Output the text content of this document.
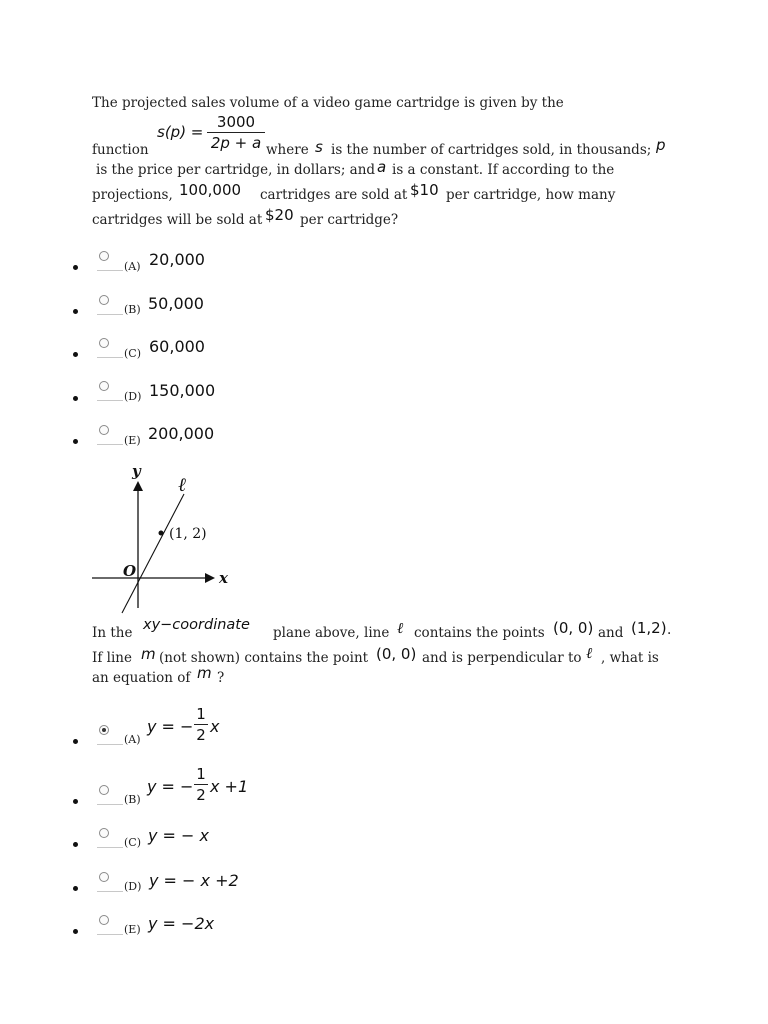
The projected sales volume of a video game cartridge is given by the
s(p) =
3000
2p + a
function	where s is the number of cartridges sold, in thousands; p
is the price per cartridge, in dollars; and a is a constant. If according to the
projections, 100,000 cartridges are sold at $10 per cartridge, how many
cartridges will be sold at $20 per cartridge?
(A) 20,000
(B) 50,000
(C) 60,000
(D) 150,000
(E) 200,000
y
x
O
ℓ
(1, 2)
In the xy−coordinate plane above, line ℓ contains the points (0, 0) and (1,2) .
If line m (not shown) contains the point (0, 0) and is perpendicular to ℓ , what is
an equation of m ?
(A)
y = −
1
2 x
(B)
y = −
1
2 x +1
(C) y = − x
(D) y = − x +2
(E) y = −2x
